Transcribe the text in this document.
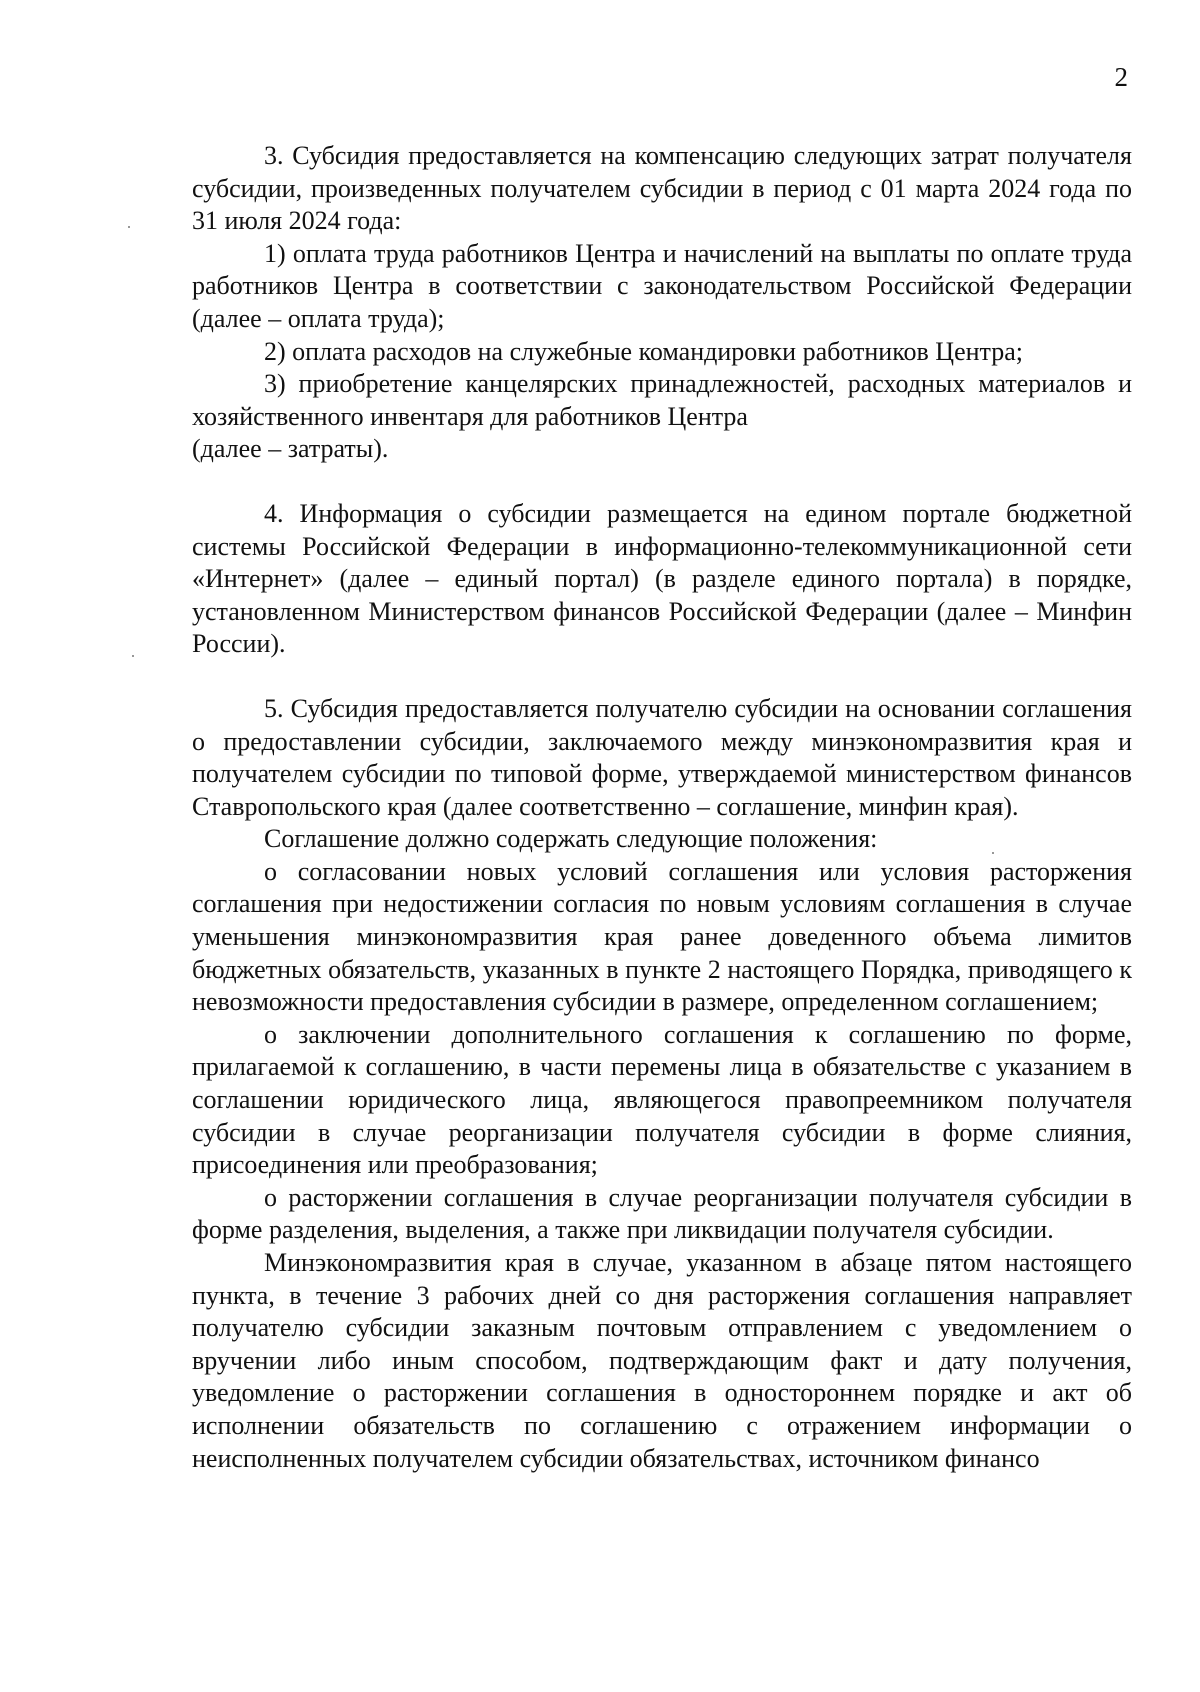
2

3. Субсидия предоставляется на компенсацию следующих затрат получателя субсидии, произведенных получателем субсидии в период с 01 марта 2024 года по 31 июля 2024 года:

1) оплата труда работников Центра и начислений на выплаты по оплате труда работников Центра в соответствии с законодательством Российской Федерации (далее – оплата труда);

2) оплата расходов на служебные командировки работников Центра;

3) приобретение канцелярских принадлежностей, расходных материалов и хозяйственного инвентаря для работников Центра

(далее – затраты).

4. Информация о субсидии размещается на едином портале бюджетной системы Российской Федерации в информационно-телекоммуникационной сети «Интернет» (далее – единый портал) (в разделе единого портала) в порядке, установленном Министерством финансов Российской Федерации (далее – Минфин России).

5. Субсидия предоставляется получателю субсидии на основании соглашения о предоставлении субсидии, заключаемого между минэкономразвития края и получателем субсидии по типовой форме, утверждаемой министерством финансов Ставропольского края (далее соответственно – соглашение, минфин края).

Соглашение должно содержать следующие положения:

о согласовании новых условий соглашения или условия расторжения соглашения при недостижении согласия по новым условиям соглашения в случае уменьшения минэкономразвития края ранее доведенного объема лимитов бюджетных обязательств, указанных в пункте 2 настоящего Порядка, приводящего к невозможности предоставления субсидии в размере, определенном соглашением;

о заключении дополнительного соглашения к соглашению по форме, прилагаемой к соглашению, в части перемены лица в обязательстве с указанием в соглашении юридического лица, являющегося правопреемником получателя субсидии в случае реорганизации получателя субсидии в форме слияния, присоединения или преобразования;

о расторжении соглашения в случае реорганизации получателя субсидии в форме разделения, выделения, а также при ликвидации получателя субсидии.

Минэкономразвития края в случае, указанном в абзаце пятом настоящего пункта, в течение 3 рабочих дней со дня расторжения соглашения направляет получателю субсидии заказным почтовым отправлением с уведомлением о вручении либо иным способом, подтверждающим факт и дату получения, уведомление о расторжении соглашения в одностороннем порядке и акт об исполнении обязательств по соглашению с отражением информации о неисполненных получателем субсидии обязательствах, источником финансо
